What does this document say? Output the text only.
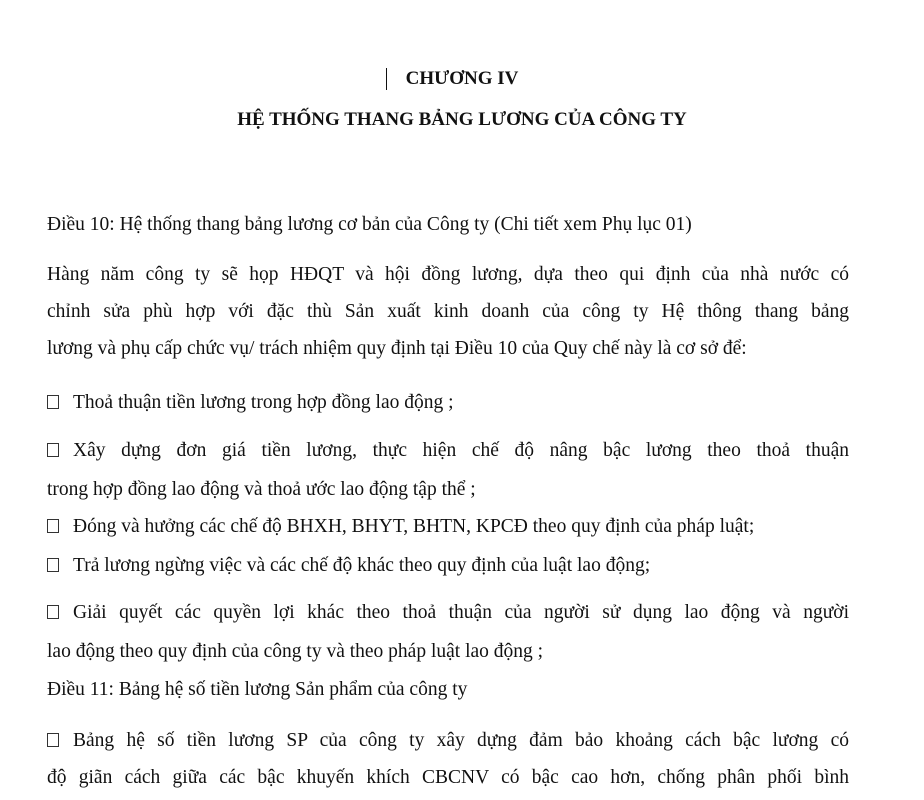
CHƯƠNG IV
HỆ THỐNG THANG BẢNG LƯƠNG CỦA CÔNG TY
Điều 10: Hệ thống thang bảng lương cơ bản của Công ty (Chi tiết xem Phụ lục 01)
Hàng năm công ty sẽ họp HĐQT và hội đồng lương, dựa theo qui định của nhà nước có
chỉnh sửa phù hợp với đặc thù Sản xuất kinh doanh của công ty Hệ thông thang bảng
lương và phụ cấp chức vụ/ trách nhiệm quy định tại Điều 10 của Quy chế này là cơ sở để:
Thoả thuận tiền lương trong hợp đồng lao động ;
Xây dựng đơn giá tiền lương, thực hiện chế độ nâng bậc lương theo thoả thuận
trong hợp đồng lao động và thoả ước lao động tập thể ;
Đóng và hưởng các chế độ BHXH, BHYT, BHTN, KPCĐ theo quy định của pháp luật;
Trả lương ngừng việc và các chế độ khác theo quy định của luật lao động;
Giải quyết các quyền lợi khác theo thoả thuận của người sử dụng lao động và người
lao động theo quy định của công ty và theo pháp luật lao động ;
Điều 11: Bảng hệ số tiền lương Sản phẩm của công ty
Bảng hệ số tiền lương SP của công ty xây dựng đảm bảo khoảng cách bậc lương có
độ giãn cách giữa các bậc khuyến khích CBCNV có bậc cao hơn, chống phân phối bình
